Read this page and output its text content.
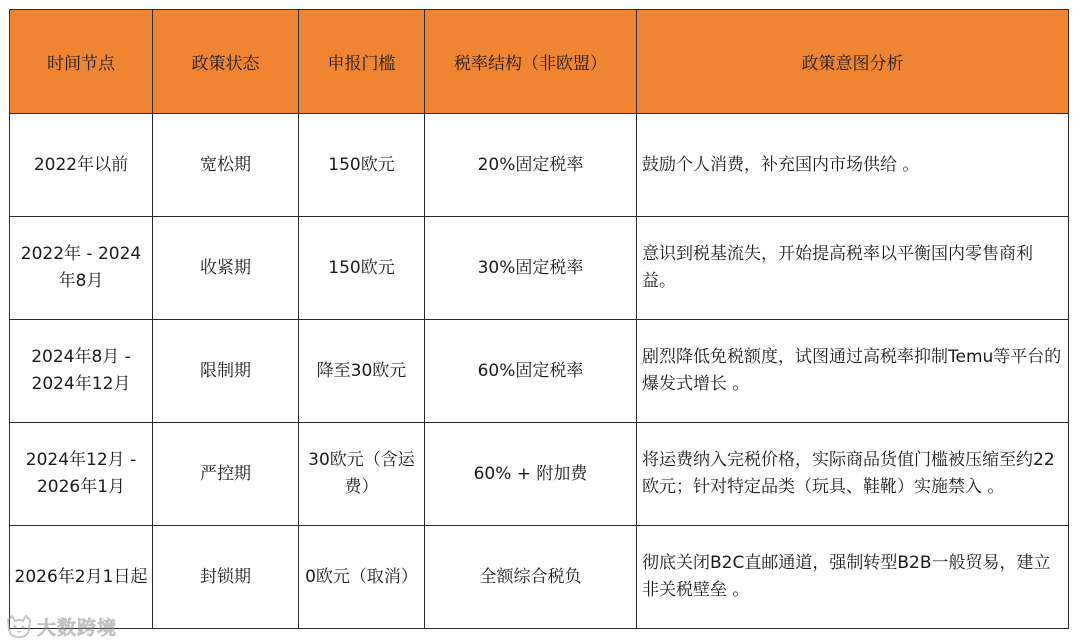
时间节点	政策状态	申报门槛	税率结构（非欧盟）	政策意图分析
2022年以前	宽松期	150欧元	20%固定税率	鼓励个人消费，补充国内市场供给 。
2022年 - 2024年8月	收紧期	150欧元	30%固定税率	意识到税基流失，开始提高税率以平衡国内零售商利益。
2024年8月 - 2024年12月	限制期	降至30欧元	60%固定税率	剧烈降低免税额度，试图通过高税率抑制Temu等平台的爆发式增长 。
2024年12月 - 2026年1月	严控期	30欧元（含运费）	60% + 附加费	将运费纳入完税价格，实际商品货值门槛被压缩至约22欧元；针对特定品类（玩具、鞋靴）实施禁入 。
2026年2月1日起	封锁期	0欧元（取消）	全额综合税负	彻底关闭B2C直邮通道，强制转型B2B一般贸易，建立非关税壁垒 。
大数跨境
